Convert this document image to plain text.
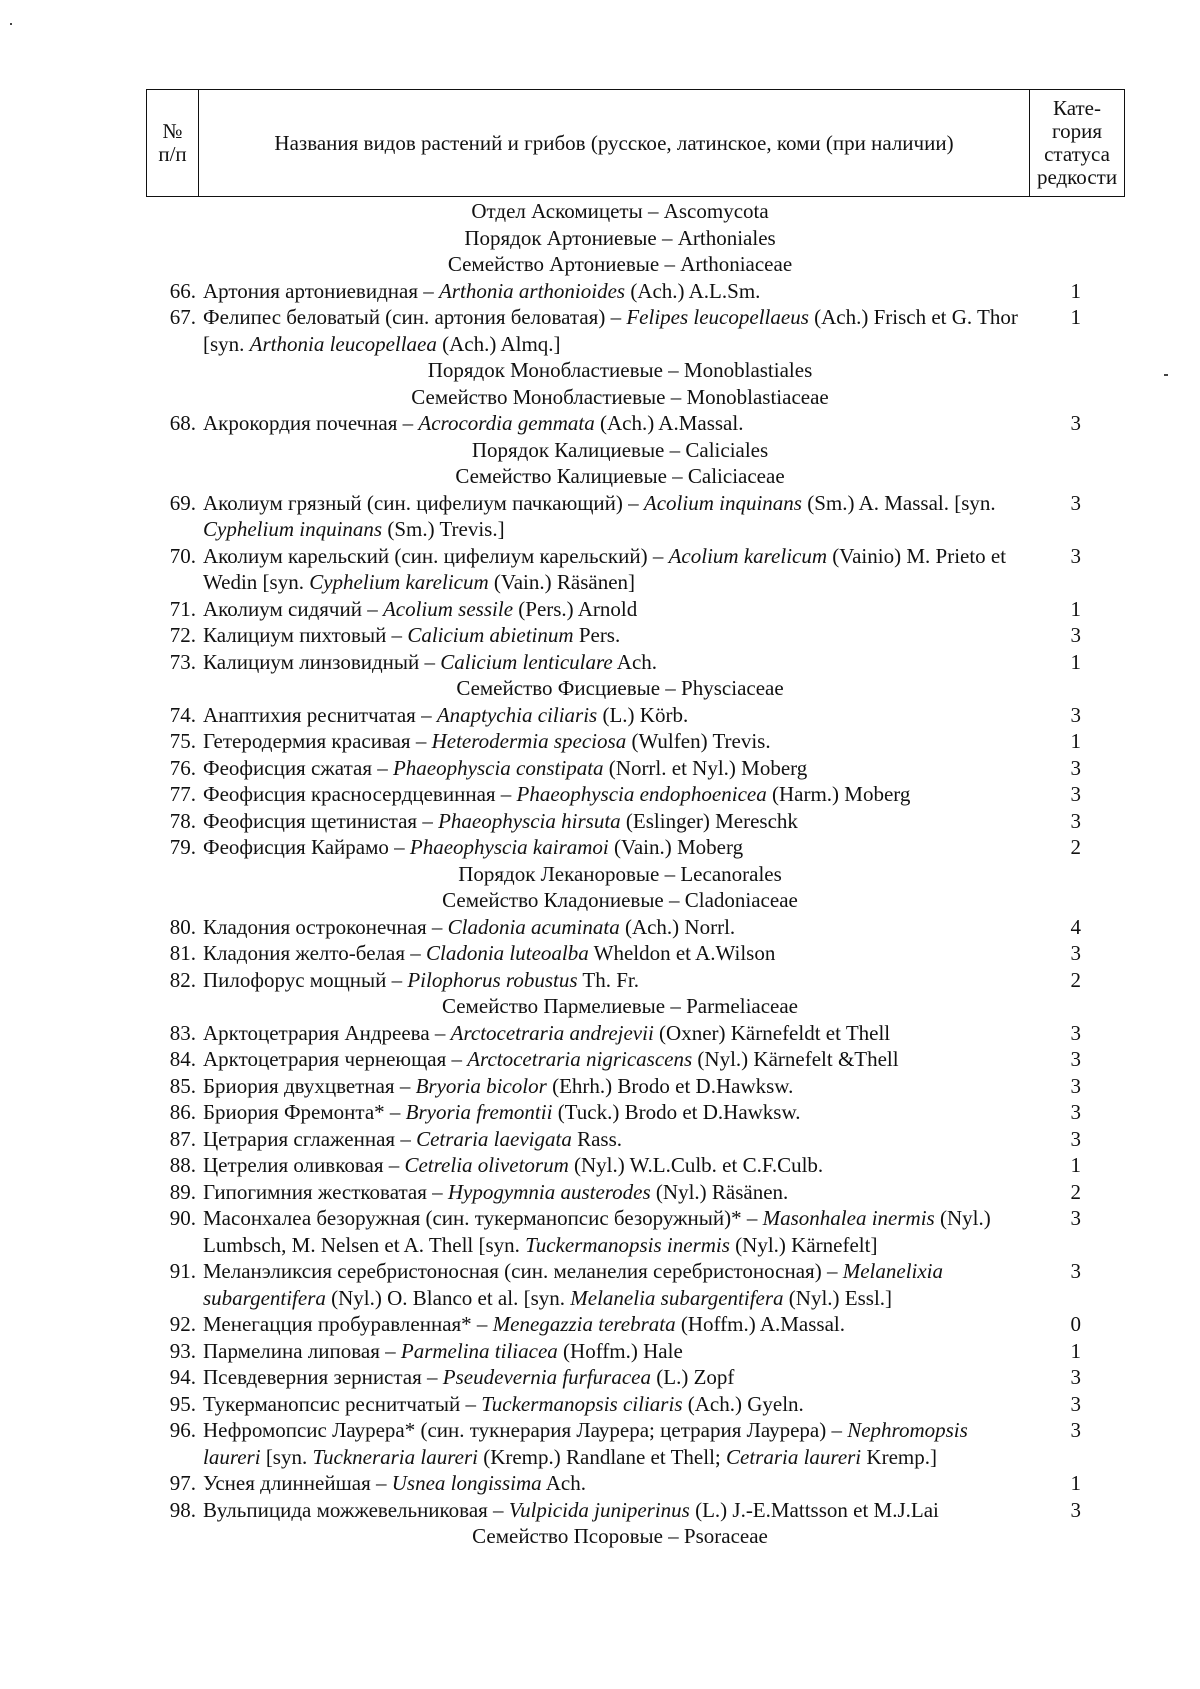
№
п/п	Названия видов растений и грибов (русское, латинское, коми (при наличии)	
Кате-
гория
статуса
редкости
Отдел Аскомицеты – Ascomycota
Порядок Артониевые – Arthoniales
Семейство Артониевые – Arthoniaceae
66. Артония артониевидная – Arthonia arthonioides (Ach.) A.L.Sm.	1
67. Фелипес беловатый (син. артония беловатая) – Felipes leucopellaeus (Ach.) Frisch et G. Thor [syn. Arthonia leucopellaea (Ach.) Almq.]
1
Порядок Монобластиевые – Monoblastiales
Семейство Монобластиевые – Monoblastiaceae
68. Акрокордия почечная – Acrocordia gemmata (Ach.) A.Massal.	3
Порядок Калициевые – Caliciales
Семейство Калициевые – Caliciaceae
69. Аколиум грязный (син. цифелиум пачкающий) – Acolium inquinans (Sm.) A. Massal. [syn. Cyphelium inquinans (Sm.) Trevis.]
3
70. Аколиум карельский (син. цифелиум карельский) – Acolium karelicum (Vainio) M. Prieto et Wedin [syn. Cyphelium karelicum (Vain.) Räsänen]
3
71. Аколиум сидячий – Acolium sessile (Pers.) Arnold	1
72. Калициум пихтовый – Calicium abietinum Pers.	3
73. Калициум линзовидный – Calicium lenticulare Ach.	1
Семейство Фисциевые – Physciaceae
74. Анаптихия реснитчатая – Anaptychia ciliaris (L.) Körb.	3
75. Гетеродермия красивая – Heterodermia speciosa (Wulfen) Trevis.	1
76. Феофисция сжатая – Phaeophyscia constipata (Norrl. et Nyl.) Moberg	3
77. Феофисция красносердцевинная – Phaeophyscia endophoenicea (Harm.) Moberg	3
78. Феофисция щетинистая – Phaeophyscia hirsuta (Eslinger) Mereschk	3
79. Феофисция Кайрамо – Phaeophyscia kairamoi (Vain.) Moberg	2
Порядок Леканоровые – Lecanorales
Семейство Кладониевые – Cladoniaceae
80. Кладония остроконечная – Cladonia acuminata (Ach.) Norrl.	4
81. Кладония желто-белая – Cladonia luteoalba Wheldon et A.Wilson	3
82. Пилофорус мощный – Pilophorus robustus Th. Fr.	2
Семейство Пармелиевые – Parmeliaceae
83. Арктоцетрария Андреева – Arctocetraria andrejevii (Oxner) Kärnefeldt et Thell	3
84. Арктоцетрария чернеющая – Arctocetraria nigricascens (Nyl.) Kärnefelt &Thell	3
85. Бриория двухцветная – Bryoria bicolor (Ehrh.) Brodo et D.Hawksw.	3
86. Бриория Фремонта* – Bryoria fremontii (Tuck.) Brodo et D.Hawksw.	3
87. Цетрария сглаженная – Cetraria laevigata Rass.	3
88. Цетрелия оливковая – Cetrelia olivetorum (Nyl.) W.L.Culb. et C.F.Culb.	1
89. Гипогимния жестковатая – Hypogymnia austerodes (Nyl.) Räsänen.	2
90. Масонхалеа безоружная (син. тукерманопсис безоружный)* – Masonhalea inermis (Nyl.) Lumbsch, M. Nelsen et A. Thell [syn. Tuckermanopsis inermis (Nyl.) Kärnefelt]
3
91. Меланэликсия серебристоносная (син. меланелия серебристоносная) – Melanelixia subargentifera (Nyl.) O. Blanco et al. [syn. Melanelia subargentifera (Nyl.) Essl.]
3
92. Менегацция пробуравленная* – Menegazzia terebrata (Hoffm.) A.Massal.	0
93. Пармелина липовая – Parmelina tiliacea (Hoffm.) Hale	1
94. Псевдеверния зернистая – Pseudevernia furfuracea (L.) Zopf	3
95. Тукерманопсис реснитчатый – Tuckermanopsis ciliaris (Ach.) Gyeln.	3
96. Нефромопсис Лаурера* (син. тукнерария Лаурера; цетрария Лаурера) – Nephromopsis laureri [syn. Tuckneraria laureri (Kremp.) Randlane et Thell; Cetraria laureri Kremp.]
3
97. Уснея длиннейшая – Usnea longissima Ach.	1
98. Вульпицида можжевельниковая – Vulpicida juniperinus (L.) J.-E.Mattsson et M.J.Lai	3
Семейство Псоровые – Psoraceae
